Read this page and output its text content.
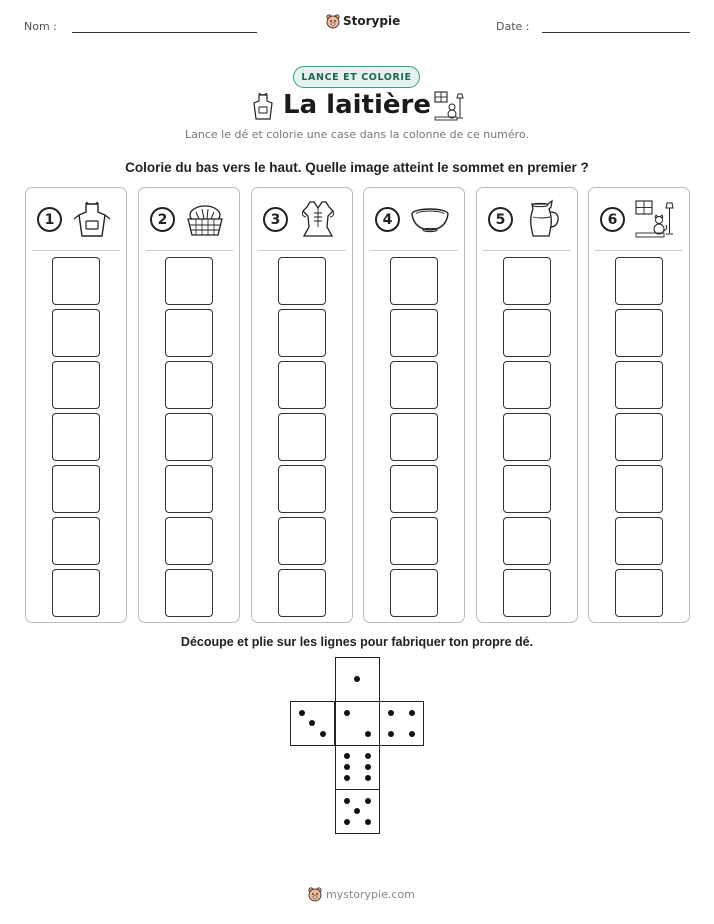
Nom :	Storypie	Date :
LANCE ET COLORIE
La laitière
Lance le dé et colorie une case dans la colonne de ce numéro.
Colorie du bas vers le haut. Quelle image atteint le sommet en premier ?
1	2	3	4	5	6
Découpe et plie sur les lignes pour fabriquer ton propre dé.
mystorypie.com
